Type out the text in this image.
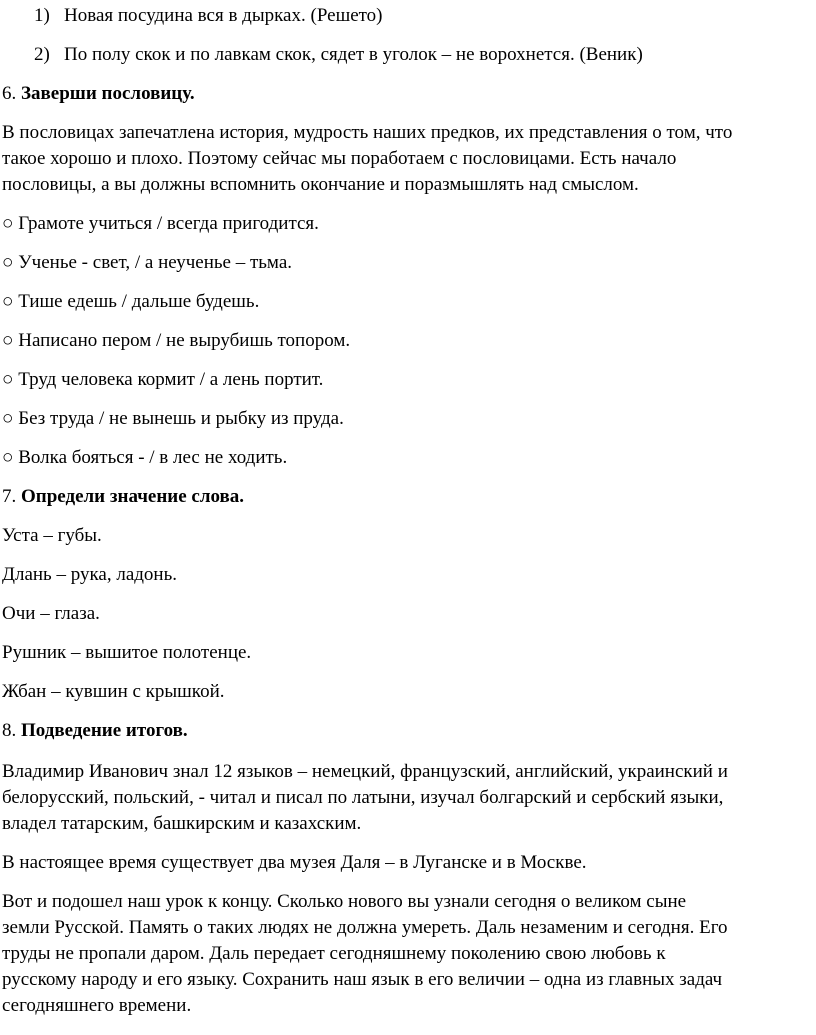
1) Новая посудина вся в дырках. (Решето)
2) По полу скок и по лавкам скок, сядет в уголок – не ворохнется. (Веник)
6. Заверши пословицу.
В пословицах запечатлена история, мудрость наших предков, их представления о том, что
такое хорошо и плохо. Поэтому сейчас мы поработаем с пословицами. Есть начало
пословицы, а вы должны вспомнить окончание и поразмышлять над смыслом.
○ Грамоте учиться / всегда пригодится.
○ Ученье - свет, / а неученье – тьма.
○ Тише едешь / дальше будешь.
○ Написано пером / не вырубишь топором.
○ Труд человека кормит / а лень портит.
○ Без труда / не вынешь и рыбку из пруда.
○ Волка бояться - / в лес не ходить.
7. Определи значение слова.
Уста – губы.
Длань – рука, ладонь.
Очи – глаза.
Рушник – вышитое полотенце.
Жбан – кувшин с крышкой.
8. Подведение итогов.
Владимир Иванович знал 12 языков – немецкий, французский, английский, украинский и
белорусский, польский, - читал и писал по латыни, изучал болгарский и сербский языки,
владел татарским, башкирским и казахским.
В настоящее время существует два музея Даля – в Луганске и в Москве.
Вот и подошел наш урок к концу. Сколько нового вы узнали сегодня о великом сыне
земли Русской. Память о таких людях не должна умереть. Даль незаменим и сегодня. Его
труды не пропали даром. Даль передает сегодняшнему поколению свою любовь к
русскому народу и его языку. Сохранить наш язык в его величии – одна из главных задач
сегодняшнего времени.
